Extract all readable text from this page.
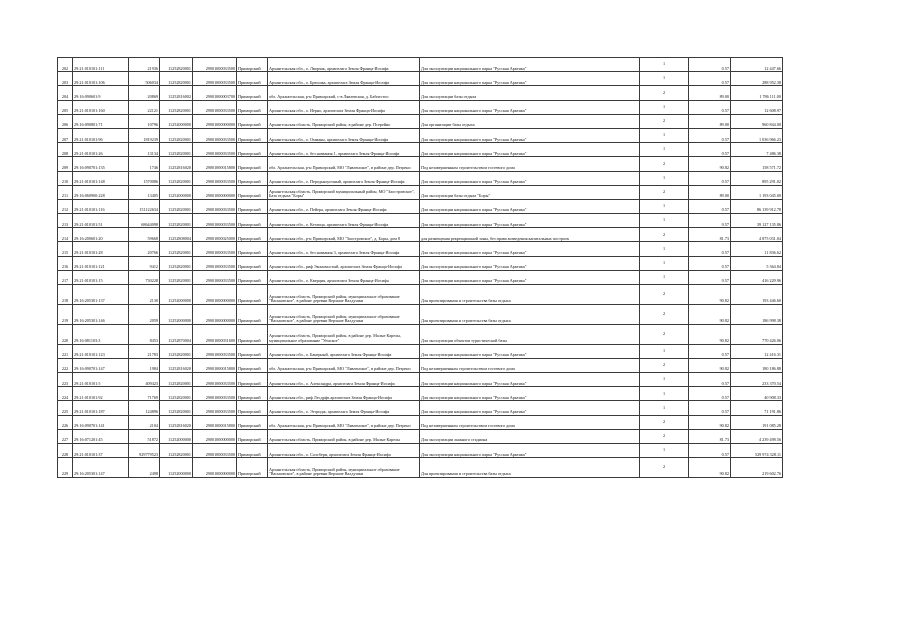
202	29:21:010101:111	21936	11252820001	29001000033500	Приморский	Архангельская обл., о. Лворчак, архипелага Земля Франца-Иосифа	Для эксплуатации национального парка "Русская Арктика"	1	0.57	12 447.66
203	29:21:010101:106	506034	11252820001	29001000033500	Приморский	Архангельская обл., о. Брюсика, архипелага Земля Франца-Иосифа	Для эксплуатации национального парка "Русская Арктика"	1	0.57	288 952.38
204	29:16:090601:9	20869	11252816002	29001000003700	Приморский	обл. Архангельская, р-н Приморский, с-в Лявлевская, д. Бабиестоо	Для эксплуатации базы отдыха	2	89.00	1 786 111.00
205	29:21:010101:160	22121	11252820001	29001000033500	Приморский	Архангельская обл., о. Иерно, архипелага Земля Франца-Иосифа	Для эксплуатации национального парка "Русская Арктика"	1	0.57	12 608.97
206	29:16:090801:71	10796	11252000000	29001000000000	Приморский	Архангельская область, Приморский район, в районе дер. Псерейно	Для организации базы отдыха	2	89.00	960 844.00
207	29:21:010101:96	1819239	11252820001	29001000033500	Приморский	Архангельская обл., о. Омманн, архипелага Земля Франца-Иосифа	Для эксплуатации национального парка "Русская Арктика"	1	0.57	1 036 966.23
208	29:21:010101:26	13134	11252820001	29001000033500	Приморский	Архангельская обл., о. без названия 1, архипелага Земля Франца-Иосифа	Для эксплуатации национального парка "Русская Арктика"	1	0.57	7 486.38
209	29:16:090701:135	1746	11252816020	29001000015800	Приморский	обл. Архангельская, р-н Приморский, МО "Лявленское", в районе дер. Пезрено	Под незавершенным строительством гостевого дома	2	90.82	158 571.72
210	29:21:010101:148	1570086	11252820001	29001000033500	Приморский	Архангельская обл., о. Перодьноупчный, архипелага Земля Франца-Иосифа	Для эксплуатации национального парка "Русская Арктика"	1	0.57	895 291.02
211	29:16:060900:228	13405	11252000000	29001000000000	Приморский	Архангельская область, Приморский муниципальный район, МО "Заостровское", База отдыха "Боры"	Для эксплуатации базы отдыха "Боры"	2	89.00	1 193 045.00
212	29:21:010101:116	151122634	11252820001	29001000033500	Приморский	Архангельская обл., о. Пейера, архипелага Земля Франца-Иосифа	Для эксплуатации национального парка "Русская Арктика"	1	0.57	86 139 912.78
213	29:21:010101:51	68644098	11252820001	29001000033500	Приморский	Архангельская обл., о. Кетлица, архипелага Земля Франца-Иосифа	Для эксплуатации национального парка "Русская Арктика"	1	0.57	39 127 135.86
214	29:16:200601:20	59668	11252808004	29001000025000	Приморский	Архангельская обл., р-н Приморский, МО "Заостровское", д. Боры, дом 8	для размещения рекреационной зоны, без права возведения капитальных построек	2	81.73	4 875 031.04
215	29:21:010101:28	20766	11252820001	29001000033500	Приморский	Архангельская обл., о. без названия 3, архипелага Земля Франца-Иосифа	Для эксплуатации национального парка "Русская Арктика"	1	0.57	11 836.62
216	29:21:010101:121	9412	11252820001	29001000033500	Приморский	Архангельская обл., риф Экономостый, архипелага Земля Франца-Иосифа	Для эксплуатации национального парка "Русская Арктика"	1	0.57	5 364.84
217	29:21:010101:15	730228	11252820001	29001000033500	Приморский	Архангельская обл., о. Кверция, архипелага Земля Франца-Иосифа	Для эксплуатации национального парка "Русская Арктика"	1	0.57	416 229.96
218	29:16:205301:137	2130	11252000000	29001000000000	Приморский	Архангельская область, Приморский район, муниципальное образование "Васьковское", в районе деревни Верхние Валдушки	Для проектирования и строительства базы отдыха	2	90.82	193 446.60
219	29:16:205301:146	2059	11252000000	29001000000000	Приморский	Архангельская область, Приморский район, муниципальное образование "Васьковское", в районе деревни Верхние Валдушки	Для проектирования и строительства базы отдыха	2	90.82	186 998.38
220	29:16:081103:3	8453	11252870004	29001000031600	Приморский	Архангельская область, Приморский район, в районе дер. Малые Карелы, муниципальное образование "Уемское"	Для эксплуатации объектов туристической базы	2	90.82	770 426.06
221	29:21:010101:123	21783	11252820001	29001000033500	Приморский	Архангельская обл., о. Банерный, архипелага Земля Франца-Иосифа	Для эксплуатации национального парка "Русская Арктика"	1	0.57	12 416.31
222	29:16:090701:147	1984	11252816020	29001000015800	Приморский	обл. Архангельская, р-н Приморский, МО "Лявленское", в районе дер. Пезрено	Под незавершенным строительством гостевого дома	2	90.82	180 186.88
223	29:21:010101:5	409423	11252820001	29001000033500	Приморский	Архангельская обл., о. Александра, архипелага Земля Франца-Иосифа	Для эксплуатации национального парка "Русская Арктика"	1	0.57	233 370.54
224	29:21:010101:92	71769	11252820001	29001000033500	Приморский	Архангельская обл., риф Лесдрфь архипелага Земля Франца-Иосифа	Для эксплуатации национального парка "Русская Арктика"	1	0.57	40 908.33
225	29:21:010101:187	124896	11252820001	29001000033500	Приморский	Архангельская обл., о. Этгридж, архипелага Земля Франца-Иосифа	Для эксплуатации национального парка "Русская Арктика"	1	0.57	71 191.86
226	29:16:090701:141	2104	11252816020	29001000015800	Приморский	обл. Архангельская, р-н Приморский, МО "Лявленское", в районе дер. Пезрено	Под незавершенным строительством гостевого дома	2	90.82	191 085.28
227	29:16:071201:45	51872	11252000000	29001000000000	Приморский	Архангельская область, Приморский район, в районе дер. Малые Карелы	Для эксплуатации лыжного стадиона	2	81.73	4 239 498.56
228	29:21:010101:37	929779523	11252820001	29001000033500	Приморский	Архангельская обл., о. Солсбери, архипелага Земля Франца-Иосифа	Для эксплуатации национального парка "Русская Арктика"	1	0.57	529 974 328.11
229	29:16:205301:147	2498	11252000000	29001000000000	Приморский	Архангельская область, Приморский район, муниципальное образование "Васьковское", в районе деревни Верхние Валдушки	Для проектирования и строительства базы отдыха	2	90.82	219 602.76
